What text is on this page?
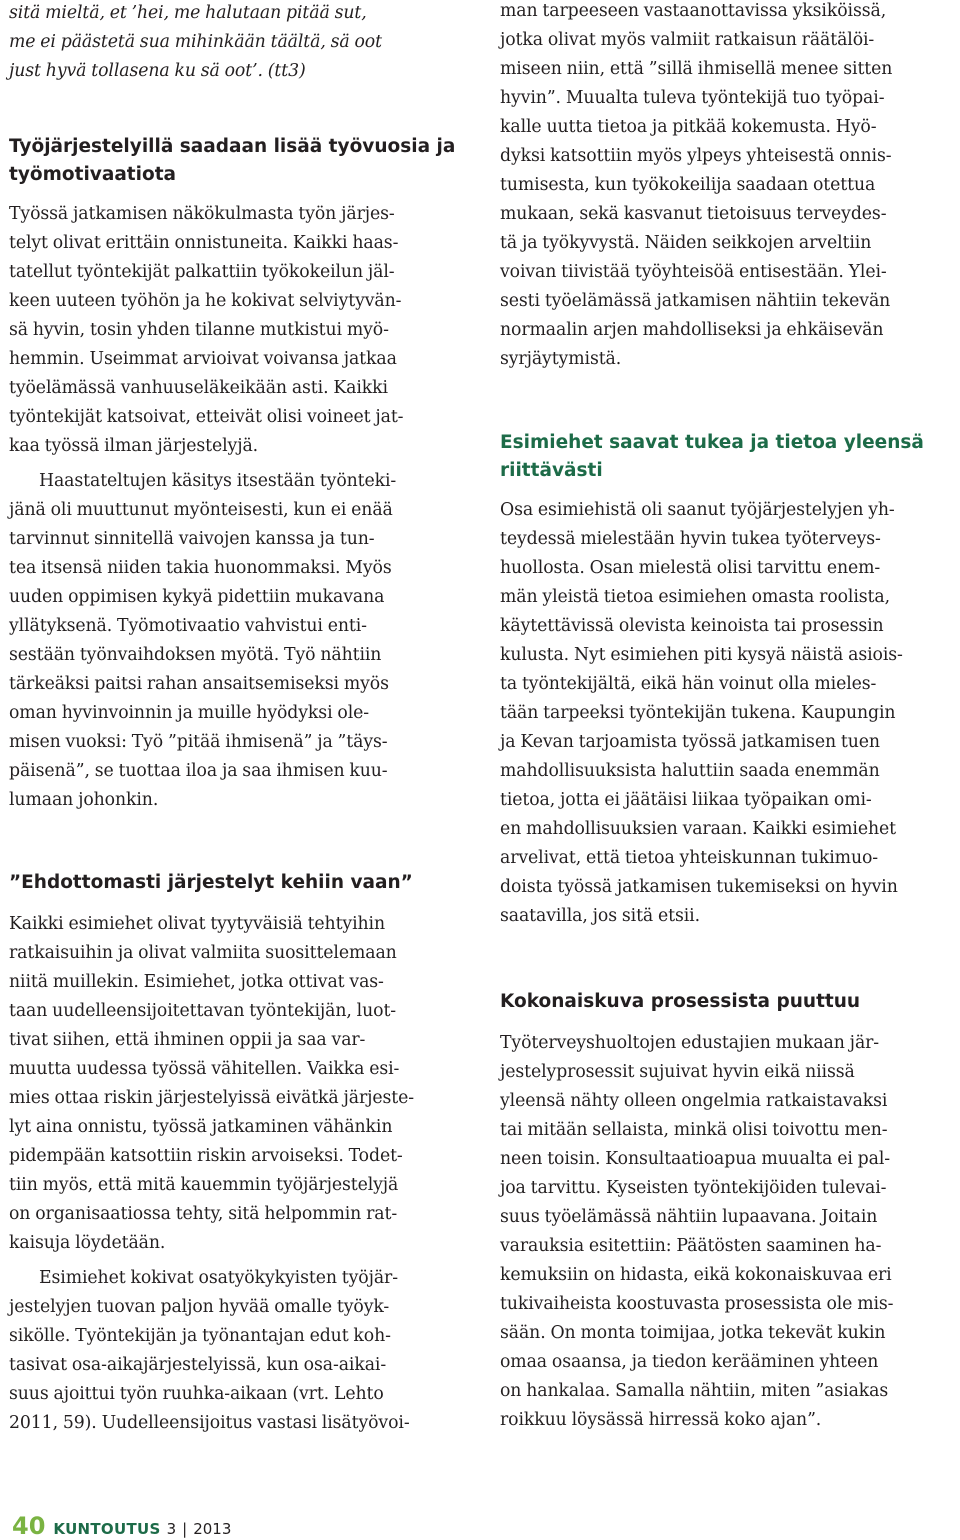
sitä mieltä, et ’hei, me halutaan pitää sut,
me ei päästetä sua mihinkään täältä, sä oot
just hyvä tollasena ku sä oot’. (tt3)

Työjärjestelyillä saadaan lisää työvuosia ja
työmotivaatiota

Työssä jatkamisen näkökulmasta työn järjes-
telyt olivat erittäin onnistuneita. Kaikki haas-
tatellut työntekijät palkattiin työkokeilun jäl-
keen uuteen työhön ja he kokivat selviytyvän-
sä hyvin, tosin yhden tilanne mutkistui myö-
hemmin. Useimmat arvioivat voivansa jatkaa
työelämässä vanhuuseläkeikään asti. Kaikki
työntekijät katsoivat, etteivät olisi voineet jat-
kaa työssä ilman järjestelyjä.

Haastateltujen käsitys itsestään työnteki-
jänä oli muuttunut myönteisesti, kun ei enää
tarvinnut sinnitellä vaivojen kanssa ja tun-
tea itsensä niiden takia huonommaksi. Myös
uuden oppimisen kykyä pidettiin mukavana
yllätyksenä. Työmotivaatio vahvistui enti-
sestään työnvaihdoksen myötä. Työ nähtiin
tärkeäksi paitsi rahan ansaitsemiseksi myös
oman hyvinvoinnin ja muille hyödyksi ole-
misen vuoksi: Työ ”pitää ihmisenä” ja ”täys-
päisenä”, se tuottaa iloa ja saa ihmisen kuu-
lumaan johonkin.

”Ehdottomasti järjestelyt kehiin vaan”

Kaikki esimiehet olivat tyytyväisiä tehtyihin
ratkaisuihin ja olivat valmiita suosittelemaan
niitä muillekin. Esimiehet, jotka ottivat vas-
taan uudelleensijoitettavan työntekijän, luot-
tivat siihen, että ihminen oppii ja saa var-
muutta uudessa työssä vähitellen. Vaikka esi-
mies ottaa riskin järjestelyissä eivätkä järjeste-
lyt aina onnistu, työssä jatkaminen vähänkin
pidempään katsottiin riskin arvoiseksi. Todet-
tiin myös, että mitä kauemmin työjärjestelyjä
on organisaatiossa tehty, sitä helpommin rat-
kaisuja löydetään.

Esimiehet kokivat osatyökykyisten työjär-
jestelyjen tuovan paljon hyvää omalle työyk-
sikölle. Työntekijän ja työnantajan edut koh-
tasivat osa-aikajärjestelyissä, kun osa-aikai-
suus ajoittui työn ruuhka-aikaan (vrt. Lehto
2011, 59). Uudelleensijoitus vastasi lisätyövoi-

man tarpeeseen vastaanottavissa yksiköissä,
jotka olivat myös valmiit ratkaisun räätälöi-
miseen niin, että ”sillä ihmisellä menee sitten
hyvin”. Muualta tuleva työntekijä tuo työpai-
kalle uutta tietoa ja pitkää kokemusta. Hyö-
dyksi katsottiin myös ylpeys yhteisestä onnis-
tumisesta, kun työkokeilija saadaan otettua
mukaan, sekä kasvanut tietoisuus terveydes-
tä ja työkyvystä. Näiden seikkojen arveltiin
voivan tiivistää työyhteisöä entisestään. Ylei-
sesti työelämässä jatkamisen nähtiin tekevän
normaalin arjen mahdolliseksi ja ehkäisevän
syrjäytymistä.

Esimiehet saavat tukea ja tietoa yleensä
riittävästi

Osa esimiehistä oli saanut työjärjestelyjen yh-
teydessä mielestään hyvin tukea työterveys-
huollosta. Osan mielestä olisi tarvittu enem-
män yleistä tietoa esimiehen omasta roolista,
käytettävissä olevista keinoista tai prosessin
kulusta. Nyt esimiehen piti kysyä näistä asiois-
ta työntekijältä, eikä hän voinut olla mieles-
tään tarpeeksi työntekijän tukena. Kaupungin
ja Kevan tarjoamista työssä jatkamisen tuen
mahdollisuuksista haluttiin saada enemmän
tietoa, jotta ei jäätäisi liikaa työpaikan omi-
en mahdollisuuksien varaan. Kaikki esimiehet
arvelivat, että tietoa yhteiskunnan tukimuo-
doista työssä jatkamisen tukemiseksi on hyvin
saatavilla, jos sitä etsii.

Kokonaiskuva prosessista puuttuu

Työterveyshuoltojen edustajien mukaan jär-
jestelyprosessit sujuivat hyvin eikä niissä
yleensä nähty olleen ongelmia ratkaistavaksi
tai mitään sellaista, minkä olisi toivottu men-
neen toisin. Konsultaatioapua muualta ei pal-
joa tarvittu. Kyseisten työntekijöiden tulevai-
suus työelämässä nähtiin lupaavana. Joitain
varauksia esitettiin: Päätösten saaminen ha-
kemuksiin on hidasta, eikä kokonaiskuvaa eri
tukivaiheista koostuvasta prosessista ole mis-
sään. On monta toimijaa, jotka tekevät kukin
omaa osaansa, ja tiedon kerääminen yhteen
on hankalaa. Samalla nähtiin, miten ”asiakas
roikkuu löysässä hirressä koko ajan”.

40 KUNTOUTUS 3 | 2013
